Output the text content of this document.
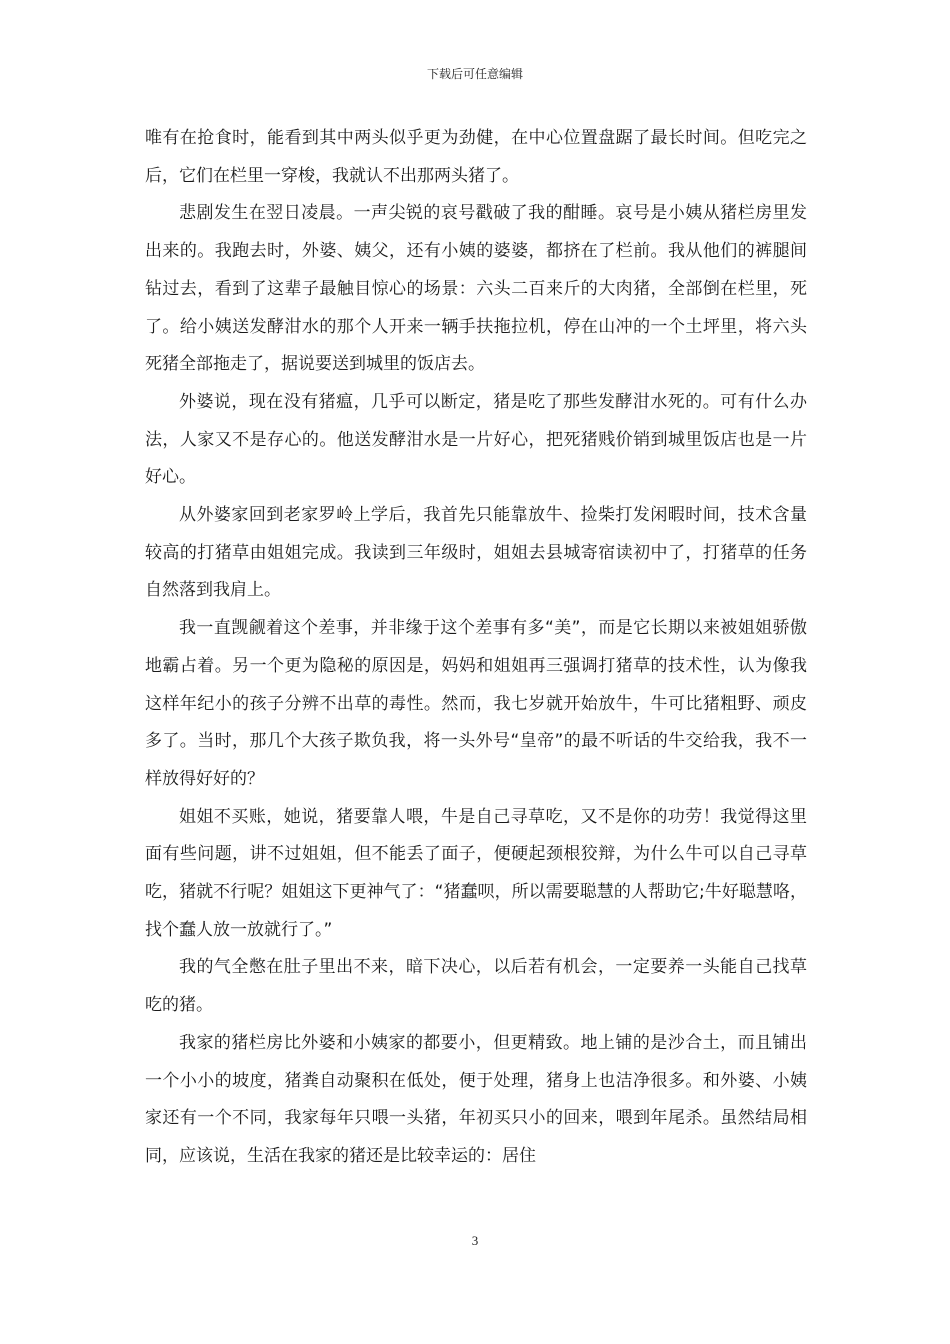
下载后可任意编辑

唯有在抢食时，能看到其中两头似乎更为劲健，在中心位置盘踞了最长时间。但吃完之后，它们在栏里一穿梭，我就认不出那两头猪了。

悲剧发生在翌日凌晨。一声尖锐的哀号戳破了我的酣睡。哀号是小姨从猪栏房里发出来的。我跑去时，外婆、姨父，还有小姨的婆婆，都挤在了栏前。我从他们的裤腿间钻过去，看到了这辈子最触目惊心的场景：六头二百来斤的大肉猪，全部倒在栏里，死了。给小姨送发酵泔水的那个人开来一辆手扶拖拉机，停在山冲的一个土坪里，将六头死猪全部拖走了，据说要送到城里的饭店去。

外婆说，现在没有猪瘟，几乎可以断定，猪是吃了那些发酵泔水死的。可有什么办法，人家又不是存心的。他送发酵泔水是一片好心，把死猪贱价销到城里饭店也是一片好心。

从外婆家回到老家罗岭上学后，我首先只能靠放牛、捡柴打发闲暇时间，技术含量较高的打猪草由姐姐完成。我读到三年级时，姐姐去县城寄宿读初中了，打猪草的任务自然落到我肩上。

我一直觊觎着这个差事，并非缘于这个差事有多“美”，而是它长期以来被姐姐骄傲地霸占着。另一个更为隐秘的原因是，妈妈和姐姐再三强调打猪草的技术性，认为像我这样年纪小的孩子分辨不出草的毒性。然而，我七岁就开始放牛，牛可比猪粗野、顽皮多了。当时，那几个大孩子欺负我，将一头外号“皇帝”的最不听话的牛交给我，我不一样放得好好的？

姐姐不买账，她说，猪要靠人喂，牛是自己寻草吃，又不是你的功劳！我觉得这里面有些问题，讲不过姐姐，但不能丢了面子，便硬起颈根狡辩，为什么牛可以自己寻草吃，猪就不行呢？姐姐这下更神气了：“猪蠢呗，所以需要聪慧的人帮助它;牛好聪慧咯，找个蠢人放一放就行了。”

我的气全憋在肚子里出不来，暗下决心，以后若有机会，一定要养一头能自己找草吃的猪。

我家的猪栏房比外婆和小姨家的都要小，但更精致。地上铺的是沙合土，而且铺出一个小小的坡度，猪粪自动聚积在低处，便于处理，猪身上也洁净很多。和外婆、小姨家还有一个不同，我家每年只喂一头猪，年初买只小的回来，喂到年尾杀。虽然结局相同，应该说，生活在我家的猪还是比较幸运的：居住

3
